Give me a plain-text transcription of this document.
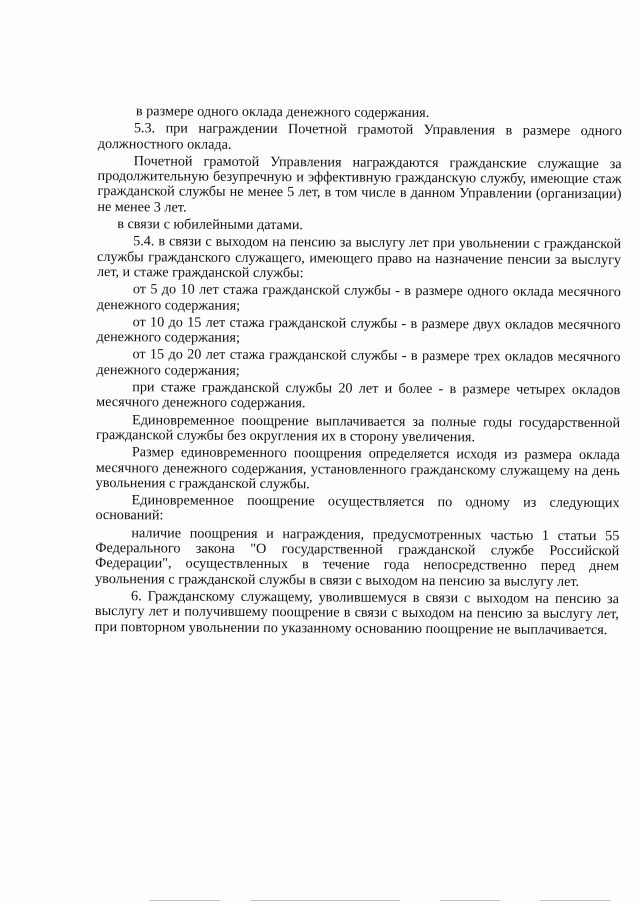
в размере одного оклада денежного содержания.

5.3. при награждении Почетной грамотой Управления в размере одного должностного оклада.

Почетной грамотой Управления награждаются гражданские служащие за продолжительную безупречную и эффективную гражданскую службу, имеющие стаж гражданской службы не менее 5 лет, в том числе в данном Управлении (организации) не менее 3 лет.

в связи с юбилейными датами.

5.4. в связи с выходом на пенсию за выслугу лет при увольнении с гражданской службы гражданского служащего, имеющего право на назначение пенсии за выслугу лет, и стаже гражданской службы:

от 5 до 10 лет стажа гражданской службы - в размере одного оклада месячного денежного содержания;

от 10 до 15 лет стажа гражданской службы - в размере двух окладов месячного денежного содержания;

от 15 до 20 лет стажа гражданской службы - в размере трех окладов месячного денежного содержания;

при стаже гражданской службы 20 лет и более - в размере четырех окладов месячного денежного содержания.

Единовременное поощрение выплачивается за полные годы государственной гражданской службы без округления их в сторону увеличения.

Размер единовременного поощрения определяется исходя из размера оклада месячного денежного содержания, установленного гражданскому служащему на день увольнения с гражданской службы.

Единовременное поощрение осуществляется по одному из следующих оснований:

наличие поощрения и награждения, предусмотренных частью 1 статьи 55 Федерального закона "О государственной гражданской службе Российской Федерации", осуществленных в течение года непосредственно перед днем увольнения с гражданской службы в связи с выходом на пенсию за выслугу лет.

6. Гражданскому служащему, уволившемуся в связи с выходом на пенсию за выслугу лет и получившему поощрение в связи с выходом на пенсию за выслугу лет, при повторном увольнении по указанному основанию поощрение не выплачивается.
